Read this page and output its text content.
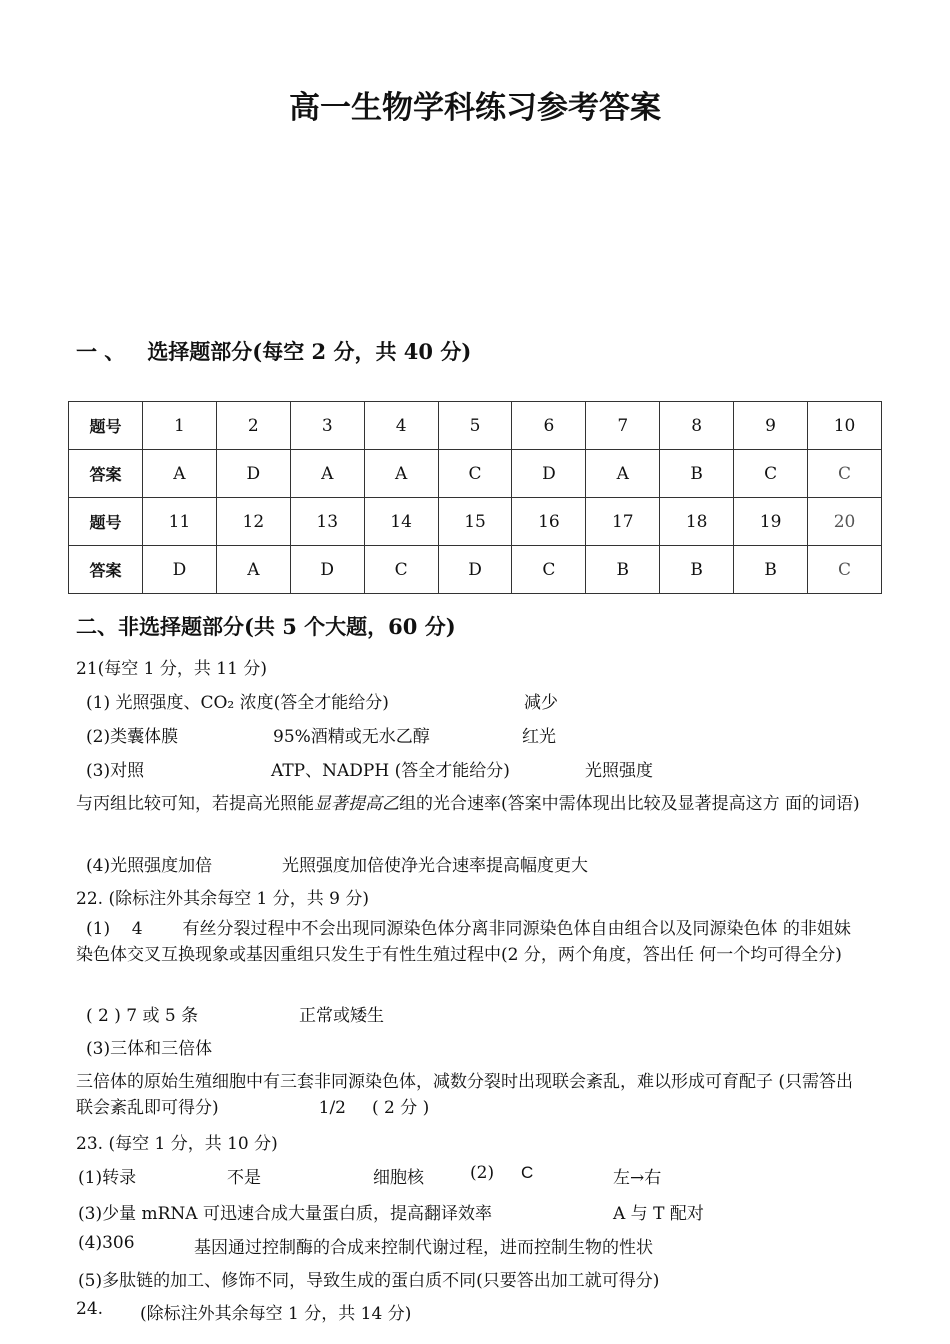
高一生物学科练习参考答案
一 、 选择题部分(每空 2 分，共 40 分)
题号	1	2	3	4	5	6	7	8	9	10
答案	A	D	A	A	C	D	A	B	C	C
题号	11	12	13	14	15	16	17	18	19	20
答案	D	A	D	C	D	C	B	B	B	C
二、非选择题部分(共 5 个大题，60 分)
21(每空 1 分，共 11 分)
(1) 光照强度、CO₂ 浓度(答全才能给分)	减少
(2)类囊体膜	95%酒精或无水乙醇	红光
(3)对照	ATP、NADPH (答全才能给分)	光照强度
与丙组比较可知，若提高光照能显著提高乙组的光合速率(答案中需体现出比较及显著提高这方 面的词语)
(4)光照强度加倍	光照强度加倍使净光合速率提高幅度更大
22. (除标注外其余每空 1 分，共 9 分)
(1)    4 有丝分裂过程中不会出现同源染色体分离非同源染色体自由组合以及同源染色体 的非姐妹染色体交叉互换现象或基因重组只发生于有性生殖过程中(2 分，两个角度，答出任 何一个均可得全分)
( 2 ) 7 或 5 条	正常或矮生
(3)三体和三倍体
三倍体的原始生殖细胞中有三套非同源染色体，减数分裂时出现联会紊乱，难以形成可育配子 (只需答出联会紊乱即可得分)	1/2 ( 2 分 )
23. (每空 1 分，共 10 分)
(1)转录	不是	细胞核	(2) C	左→右
(3)少量 mRNA 可迅速合成大量蛋白质，提高翻译效率	A 与 T 配对
(4)306	基因通过控制酶的合成来控制代谢过程，进而控制生物的性状
(5)多肽链的加工、修饰不同，导致生成的蛋白质不同(只要答出加工就可得分)
24. (除标注外其余每空 1 分，共 14 分)
